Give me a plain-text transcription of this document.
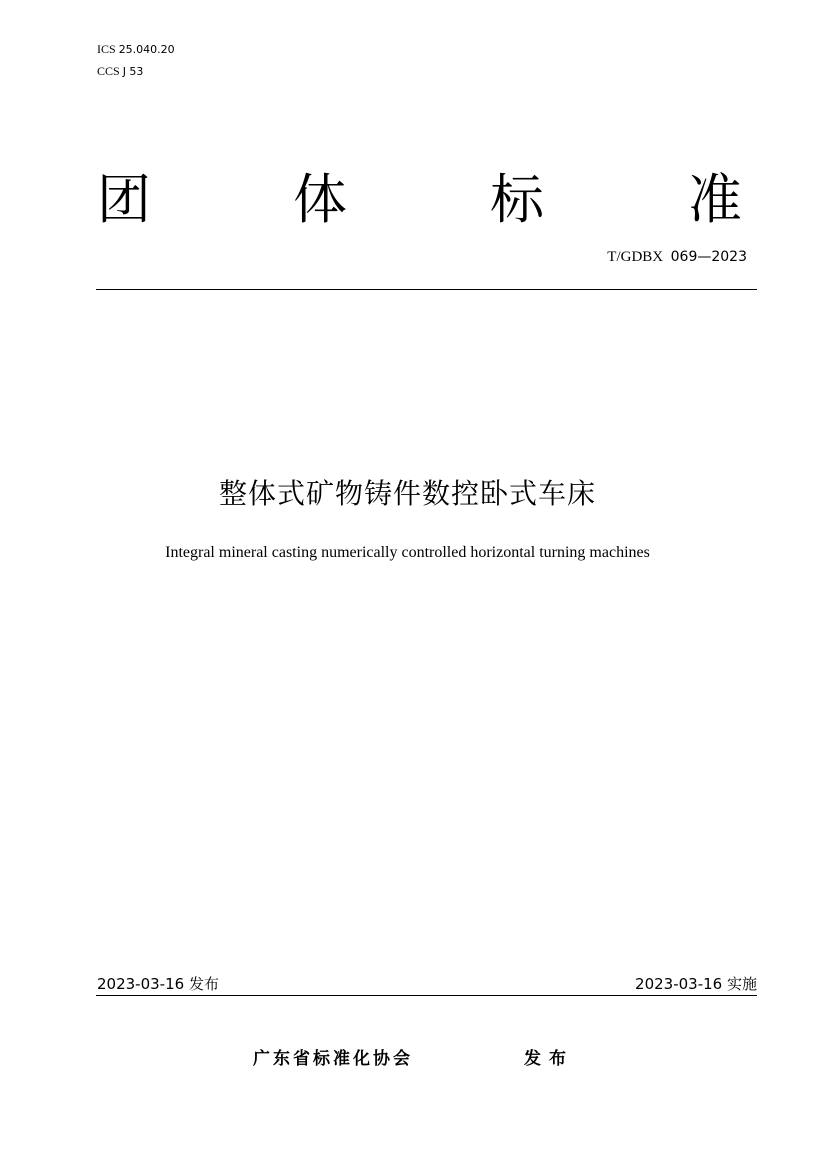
ICS 25.040.20
CCS J 53
团	体	标	准
T/GDBX 069—2023
整体式矿物铸件数控卧式车床
Integral mineral casting numerically controlled horizontal turning machines
2023-03-16 发布	2023-03-16 实施
广东省标准化协会	发布
